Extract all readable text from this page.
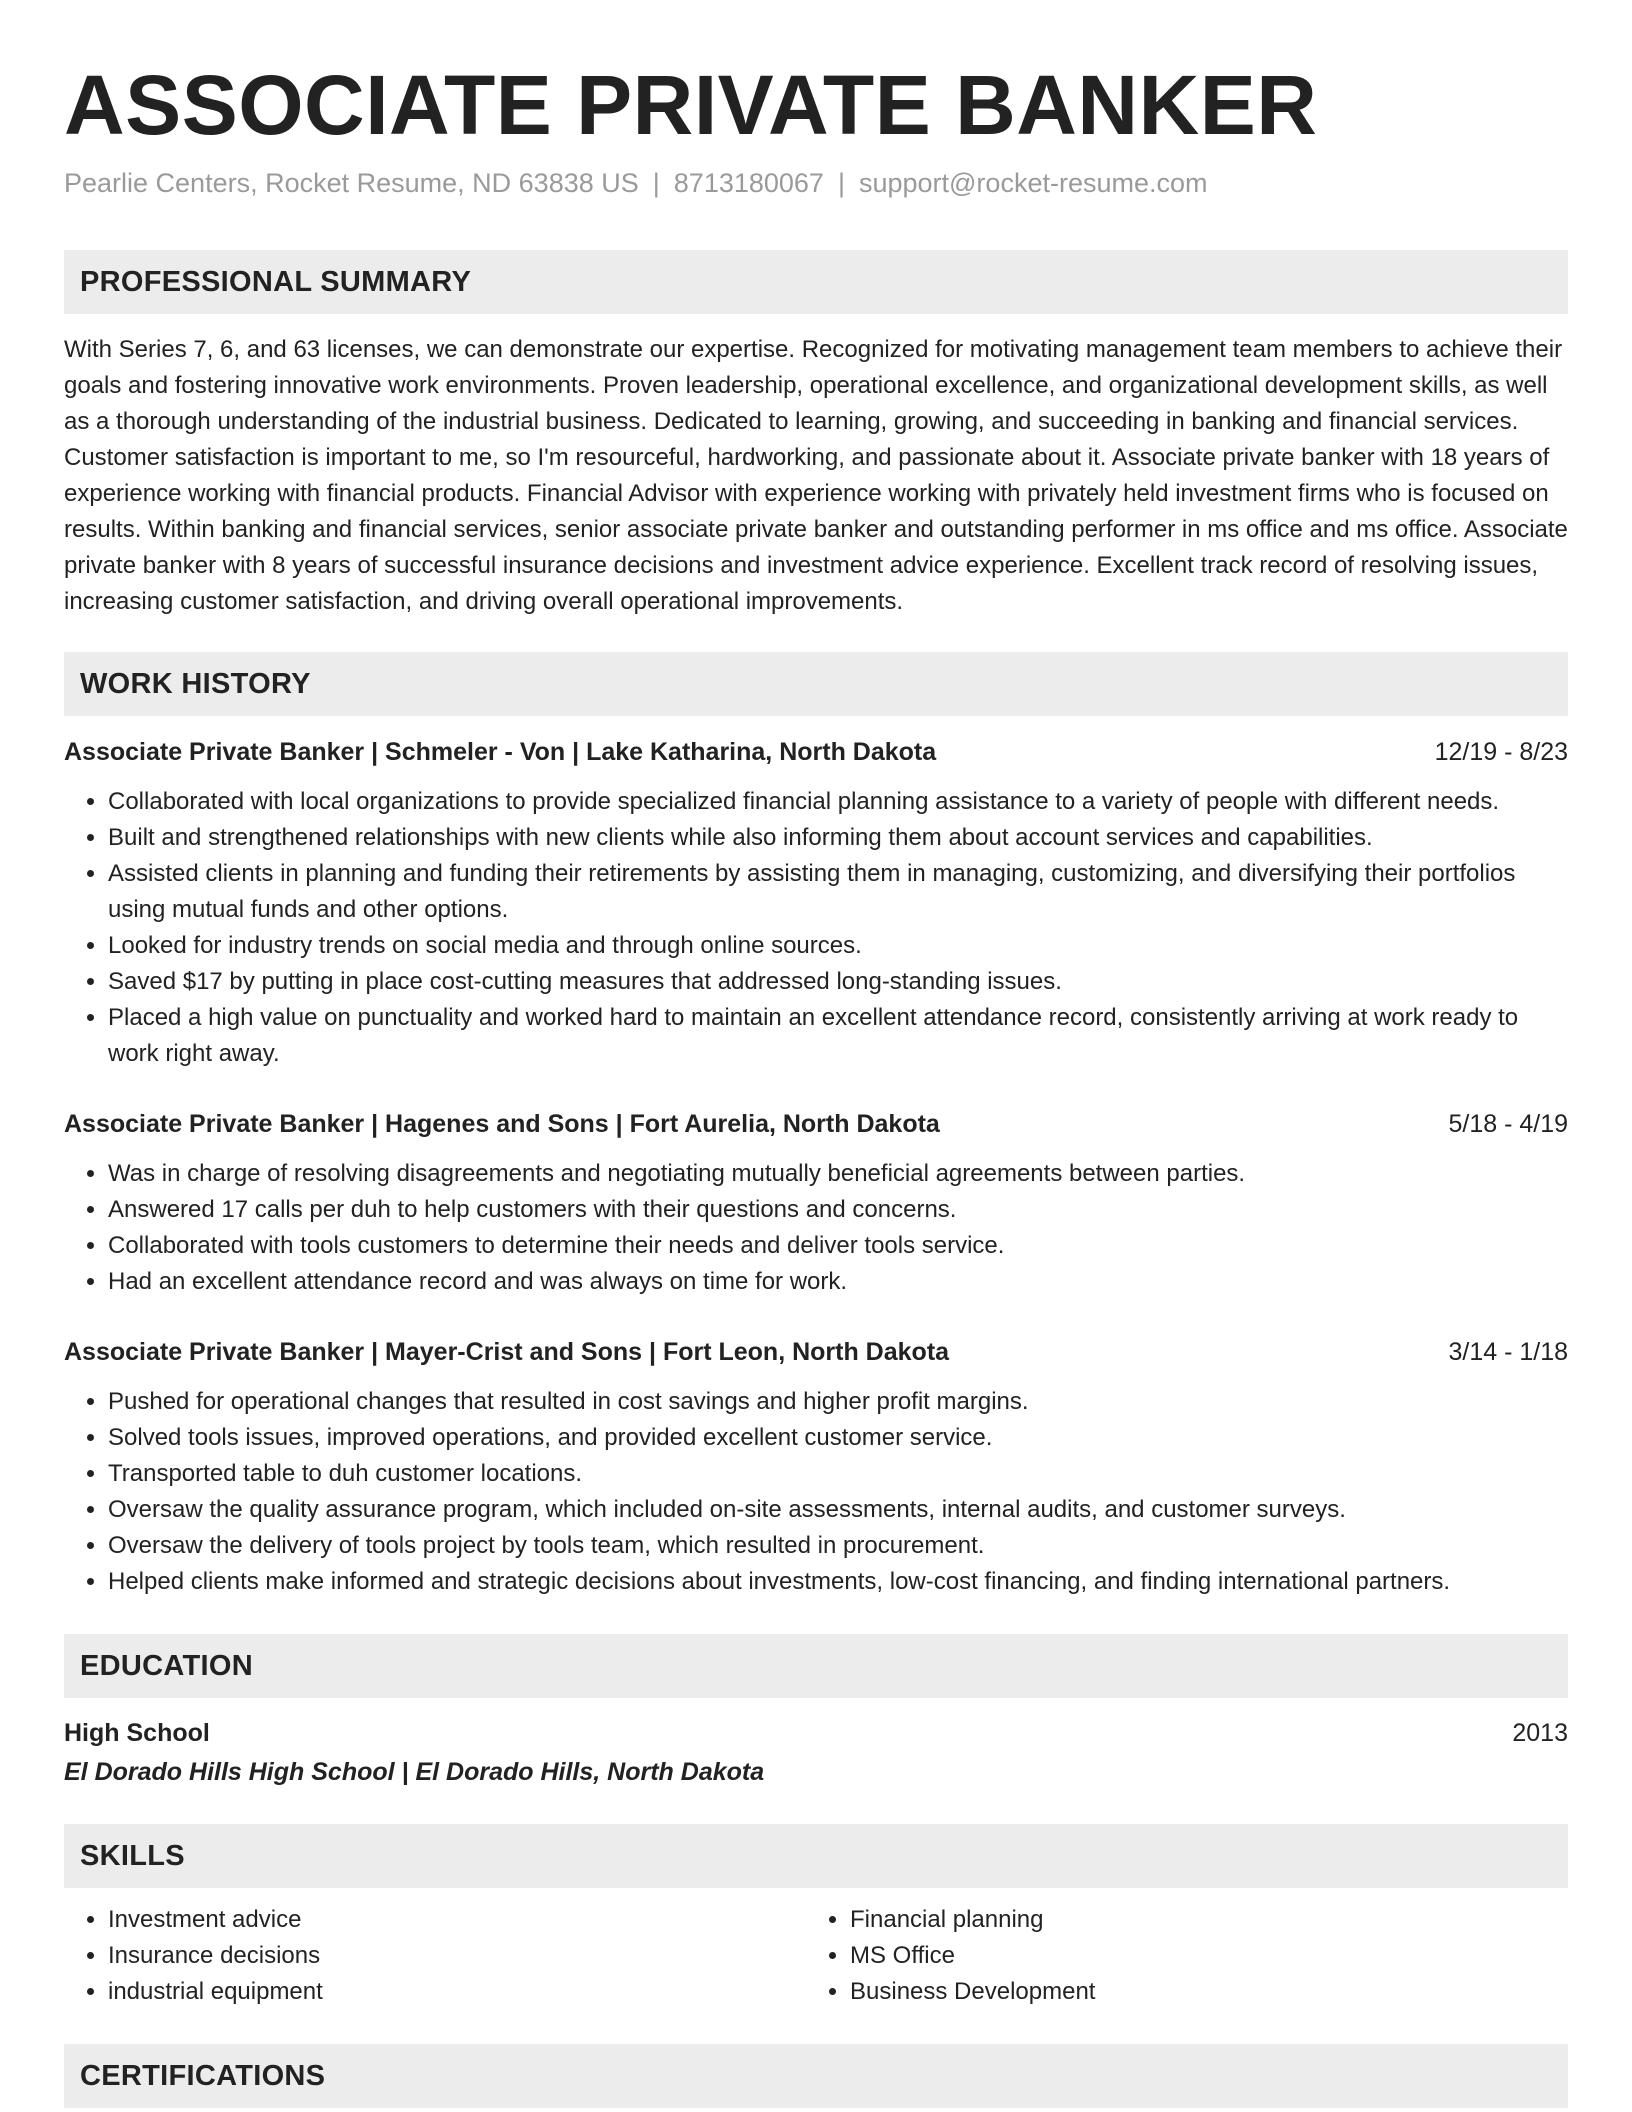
ASSOCIATE PRIVATE BANKER
Pearlie Centers, Rocket Resume, ND 63838 US | 8713180067 | support@rocket-resume.com
PROFESSIONAL SUMMARY
With Series 7, 6, and 63 licenses, we can demonstrate our expertise. Recognized for motivating management team members to achieve their goals and fostering innovative work environments. Proven leadership, operational excellence, and organizational development skills, as well as a thorough understanding of the industrial business. Dedicated to learning, growing, and succeeding in banking and financial services. Customer satisfaction is important to me, so I'm resourceful, hardworking, and passionate about it. Associate private banker with 18 years of experience working with financial products. Financial Advisor with experience working with privately held investment firms who is focused on results. Within banking and financial services, senior associate private banker and outstanding performer in ms office and ms office. Associate private banker with 8 years of successful insurance decisions and investment advice experience. Excellent track record of resolving issues, increasing customer satisfaction, and driving overall operational improvements.
WORK HISTORY
Associate Private Banker | Schmeler - Von | Lake Katharina, North Dakota	12/19 - 8/23
• Collaborated with local organizations to provide specialized financial planning assistance to a variety of people with different needs.
• Built and strengthened relationships with new clients while also informing them about account services and capabilities.
• Assisted clients in planning and funding their retirements by assisting them in managing, customizing, and diversifying their portfolios using mutual funds and other options.
• Looked for industry trends on social media and through online sources.
• Saved $17 by putting in place cost-cutting measures that addressed long-standing issues.
• Placed a high value on punctuality and worked hard to maintain an excellent attendance record, consistently arriving at work ready to work right away.
Associate Private Banker | Hagenes and Sons | Fort Aurelia, North Dakota	5/18 - 4/19
• Was in charge of resolving disagreements and negotiating mutually beneficial agreements between parties.
• Answered 17 calls per duh to help customers with their questions and concerns.
• Collaborated with tools customers to determine their needs and deliver tools service.
• Had an excellent attendance record and was always on time for work.
Associate Private Banker | Mayer-Crist and Sons | Fort Leon, North Dakota	3/14 - 1/18
• Pushed for operational changes that resulted in cost savings and higher profit margins.
• Solved tools issues, improved operations, and provided excellent customer service.
• Transported table to duh customer locations.
• Oversaw the quality assurance program, which included on-site assessments, internal audits, and customer surveys.
• Oversaw the delivery of tools project by tools team, which resulted in procurement.
• Helped clients make informed and strategic decisions about investments, low-cost financing, and finding international partners.
EDUCATION
High School	2013
El Dorado Hills High School | El Dorado Hills, North Dakota
SKILLS
• Investment advice
• Insurance decisions
• industrial equipment
• Financial planning
• MS Office
• Business Development
CERTIFICATIONS
